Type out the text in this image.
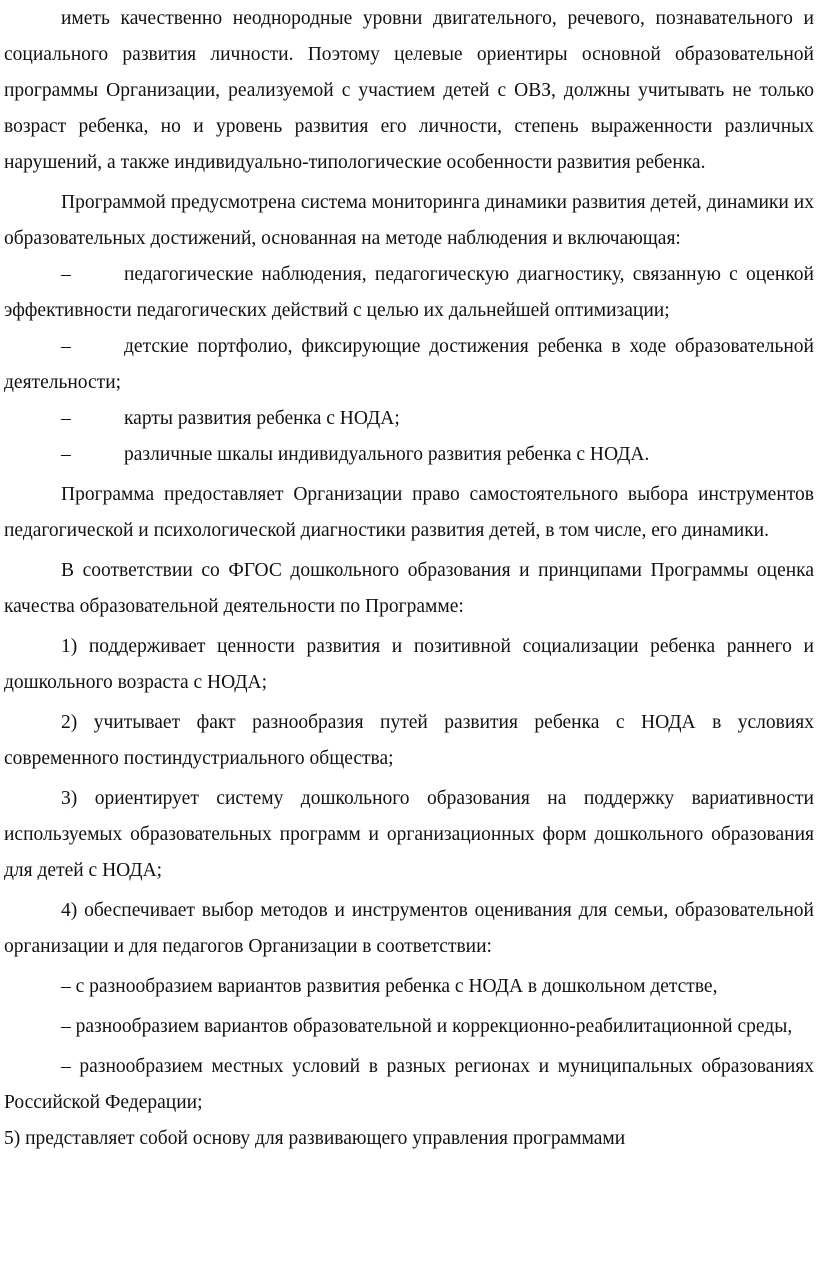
иметь качественно неоднородные уровни двигательного, речевого, познавательного и социального развития личности. Поэтому целевые ориентиры основной образовательной программы Организации, реализуемой с участием детей с ОВЗ, должны учитывать не только возраст ребенка, но и уровень развития его личности, степень выраженности различных нарушений, а также индивидуально-типологические особенности развития ребенка.

Программой предусмотрена система мониторинга динамики развития детей, динамики их образовательных достижений, основанная на методе наблюдения и включающая:

–	педагогические наблюдения, педагогическую диагностику, связанную с оценкой эффективности педагогических действий с целью их дальнейшей оптимизации;

–	детские портфолио, фиксирующие достижения ребенка в ходе образовательной деятельности;

–	карты развития ребенка с НОДА;

–	различные шкалы индивидуального развития ребенка с НОДА.

Программа предоставляет Организации право самостоятельного выбора инструментов педагогической и психологической диагностики развития детей, в том числе, его динамики.

В соответствии со ФГОС дошкольного образования и принципами Программы оценка качества образовательной деятельности по Программе:

1) поддерживает ценности развития и позитивной социализации ребенка раннего и дошкольного возраста с НОДА;

2) учитывает факт разнообразия путей развития ребенка с НОДА в условиях современного постиндустриального общества;

3) ориентирует систему дошкольного образования на поддержку вариативности используемых образовательных программ и организационных форм дошкольного образования для детей с НОДА;

4) обеспечивает выбор методов и инструментов оценивания для семьи, образовательной организации и для педагогов Организации в соответствии:

– с разнообразием вариантов развития ребенка с НОДА в дошкольном детстве,

– разнообразием вариантов образовательной и коррекционно-реабилитационной среды,

– разнообразием местных условий в разных регионах и муниципальных образованиях Российской Федерации;

5) представляет собой основу для развивающего управления программами
